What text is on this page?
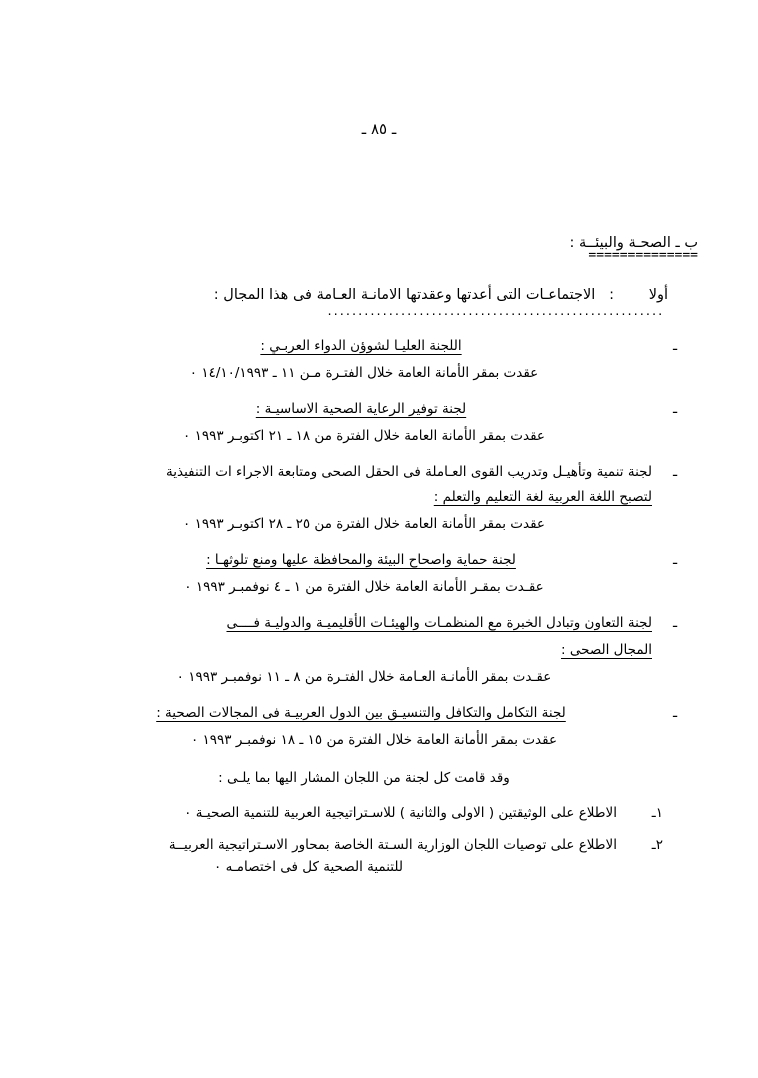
ـ ٨٥ ـ
ب ـ الصحـة والبيئــة :
==============
أولا:   الاجتماعـات التى أعدتها وعقدتها الامانـة العـامة فى هذا المجال :
.......................................................
ـ
اللجنة العليـا لشوؤن الدواء العربـي :
عقدت بمقر الأمانة العامة خلال الفتـرة مـن ١١ ـ ١٤/١٠/١٩٩٣ ٠
ـ
لجنة توفير الرعاية الصحية الاساسيـة :
عقدت بمقر الأمانة العامة خلال الفترة من ١٨ ـ ٢١ اكتوبـر ١٩٩٣ ٠
ـ
لجنة تنمية وتأهيـل وتدريب القوى العـاملة فى الحقل الصحى ومتابعة الاجراء ات التنفيذية
لتصبح اللغة العربية لغة التعليم والتعلم :
عقدت بمقر الأمانة العامة خلال الفترة من ٢٥ ـ ٢٨ اكتوبـر ١٩٩٣ ٠
ـ
لجنة حماية واصحاح البيئة والمحافظة عليها ومنع تلوثهـا :
عقـدت بمقـر الأمانة العامة خلال الفترة من ١ ـ ٤ نوفمبـر ١٩٩٣ ٠
ـ
لجنة التعاون وتبادل الخبرة مع المنظمـات والهيئـات الأقليميـة والدوليـة فــــى
المجال الصحى :
عقـدت بمقر الأمانـة العـامة خلال الفتـرة من ٨ ـ ١١ نوفمبـر ١٩٩٣ ٠
ـ
لجنة التكامل والتكافل والتنسيـق بين الدول العربيـة فى المجالات الصحية :
عقدت بمقر الأمانة العامة خلال الفترة من ١٥ ـ ١٨ نوفمبـر ١٩٩٣ ٠
وقد قامت كل لجنة من اللجان المشار اليها بما يلـى :
١ـ
الاطلاع على الوثيقتين ( الاولى والثانية ) للاسـتراتيجية العربية للتنمية الصحيـة ٠
٢ـ
الاطلاع على توصيات اللجان الوزارية السـتة الخاصة بمحاور الاسـتراتيجية العربيــة
للتنمية الصحية كل فى اختصامـه ٠
